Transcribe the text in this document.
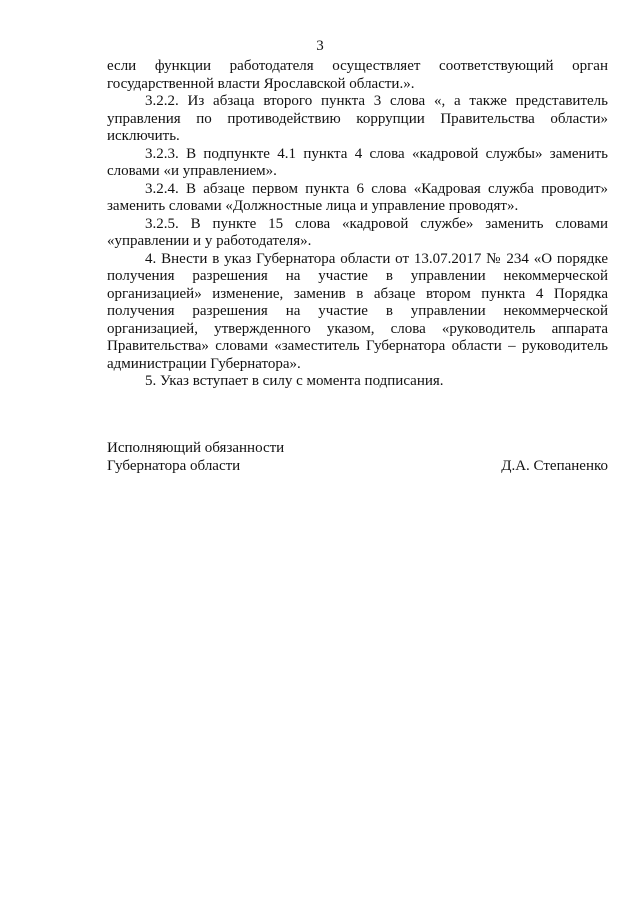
3

если функции работодателя осуществляет соответствующий орган государственной власти Ярославской области.».

3.2.2. Из абзаца второго пункта 3 слова «, а также представитель управления по противодействию коррупции Правительства области» исключить.

3.2.3. В подпункте 4.1 пункта 4 слова «кадровой службы» заменить словами «и управлением».

3.2.4. В абзаце первом пункта 6 слова «Кадровая служба проводит» заменить словами «Должностные лица и управление проводят».

3.2.5. В пункте 15 слова «кадровой службе» заменить словами «управлении и у работодателя».

4. Внести в указ Губернатора области от 13.07.2017 № 234 «О порядке получения разрешения на участие в управлении некоммерческой организацией» изменение, заменив в абзаце втором пункта 4 Порядка получения разрешения на участие в управлении некоммерческой организацией, утвержденного указом, слова «руководитель аппарата Правительства» словами «заместитель Губернатора области – руководитель администрации Губернатора».

5. Указ вступает в силу с момента подписания.

Исполняющий обязанности
Губернатора области	Д.А. Степаненко
